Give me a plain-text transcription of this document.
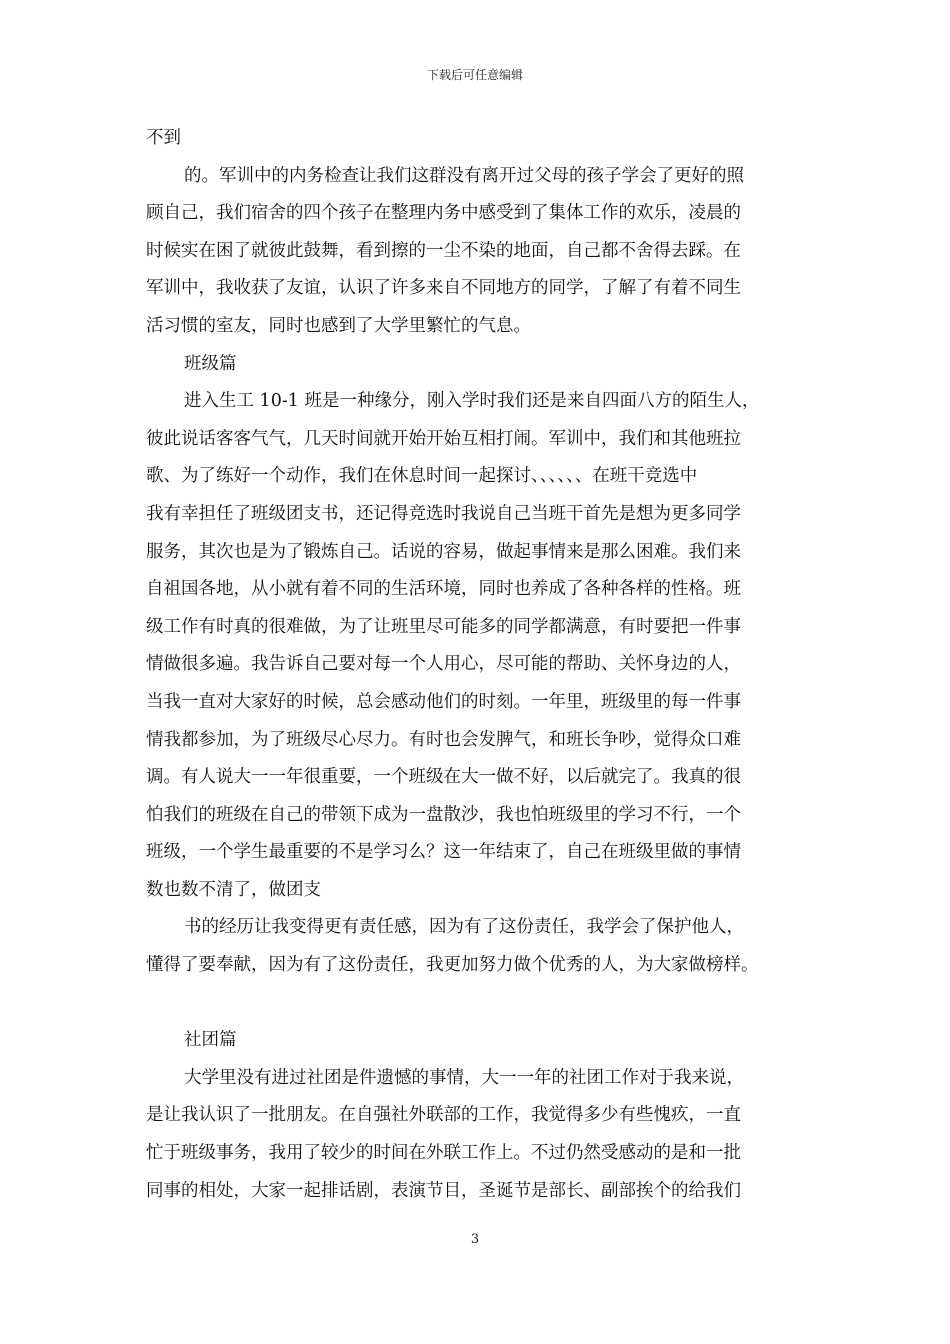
下载后可任意编辑
不到
的。军训中的内务检查让我们这群没有离开过父母的孩子学会了更好的照
顾自己，我们宿舍的四个孩子在整理内务中感受到了集体工作的欢乐，凌晨的
时候实在困了就彼此鼓舞，看到擦的一尘不染的地面，自己都不舍得去踩。在
军训中，我收获了友谊，认识了许多来自不同地方的同学，了解了有着不同生
活习惯的室友，同时也感到了大学里繁忙的气息。
班级篇
进入生工 10-1 班是一种缘分，刚入学时我们还是来自四面八方的陌生人，
彼此说话客客气气，几天时间就开始开始互相打闹。军训中，我们和其他班拉
歌、为了练好一个动作，我们在休息时间一起探讨、、、、、、在班干竞选中
我有幸担任了班级团支书，还记得竞选时我说自己当班干首先是想为更多同学
服务，其次也是为了锻炼自己。话说的容易，做起事情来是那么困难。我们来
自祖国各地，从小就有着不同的生活环境，同时也养成了各种各样的性格。班
级工作有时真的很难做，为了让班里尽可能多的同学都满意，有时要把一件事
情做很多遍。我告诉自己要对每一个人用心，尽可能的帮助、关怀身边的人，
当我一直对大家好的时候，总会感动他们的时刻。一年里，班级里的每一件事
情我都参加，为了班级尽心尽力。有时也会发脾气，和班长争吵，觉得众口难
调。有人说大一一年很重要，一个班级在大一做不好，以后就完了。我真的很
怕我们的班级在自己的带领下成为一盘散沙，我也怕班级里的学习不行，一个
班级，一个学生最重要的不是学习么？这一年结束了，自己在班级里做的事情
数也数不清了，做团支
书的经历让我变得更有责任感，因为有了这份责任，我学会了保护他人，
懂得了要奉献，因为有了这份责任，我更加努力做个优秀的人，为大家做榜样。
社团篇
大学里没有进过社团是件遗憾的事情，大一一年的社团工作对于我来说，
是让我认识了一批朋友。在自强社外联部的工作，我觉得多少有些愧疚，一直
忙于班级事务，我用了较少的时间在外联工作上。不过仍然受感动的是和一批
同事的相处，大家一起排话剧，表演节目，圣诞节是部长、副部挨个的给我们
3
